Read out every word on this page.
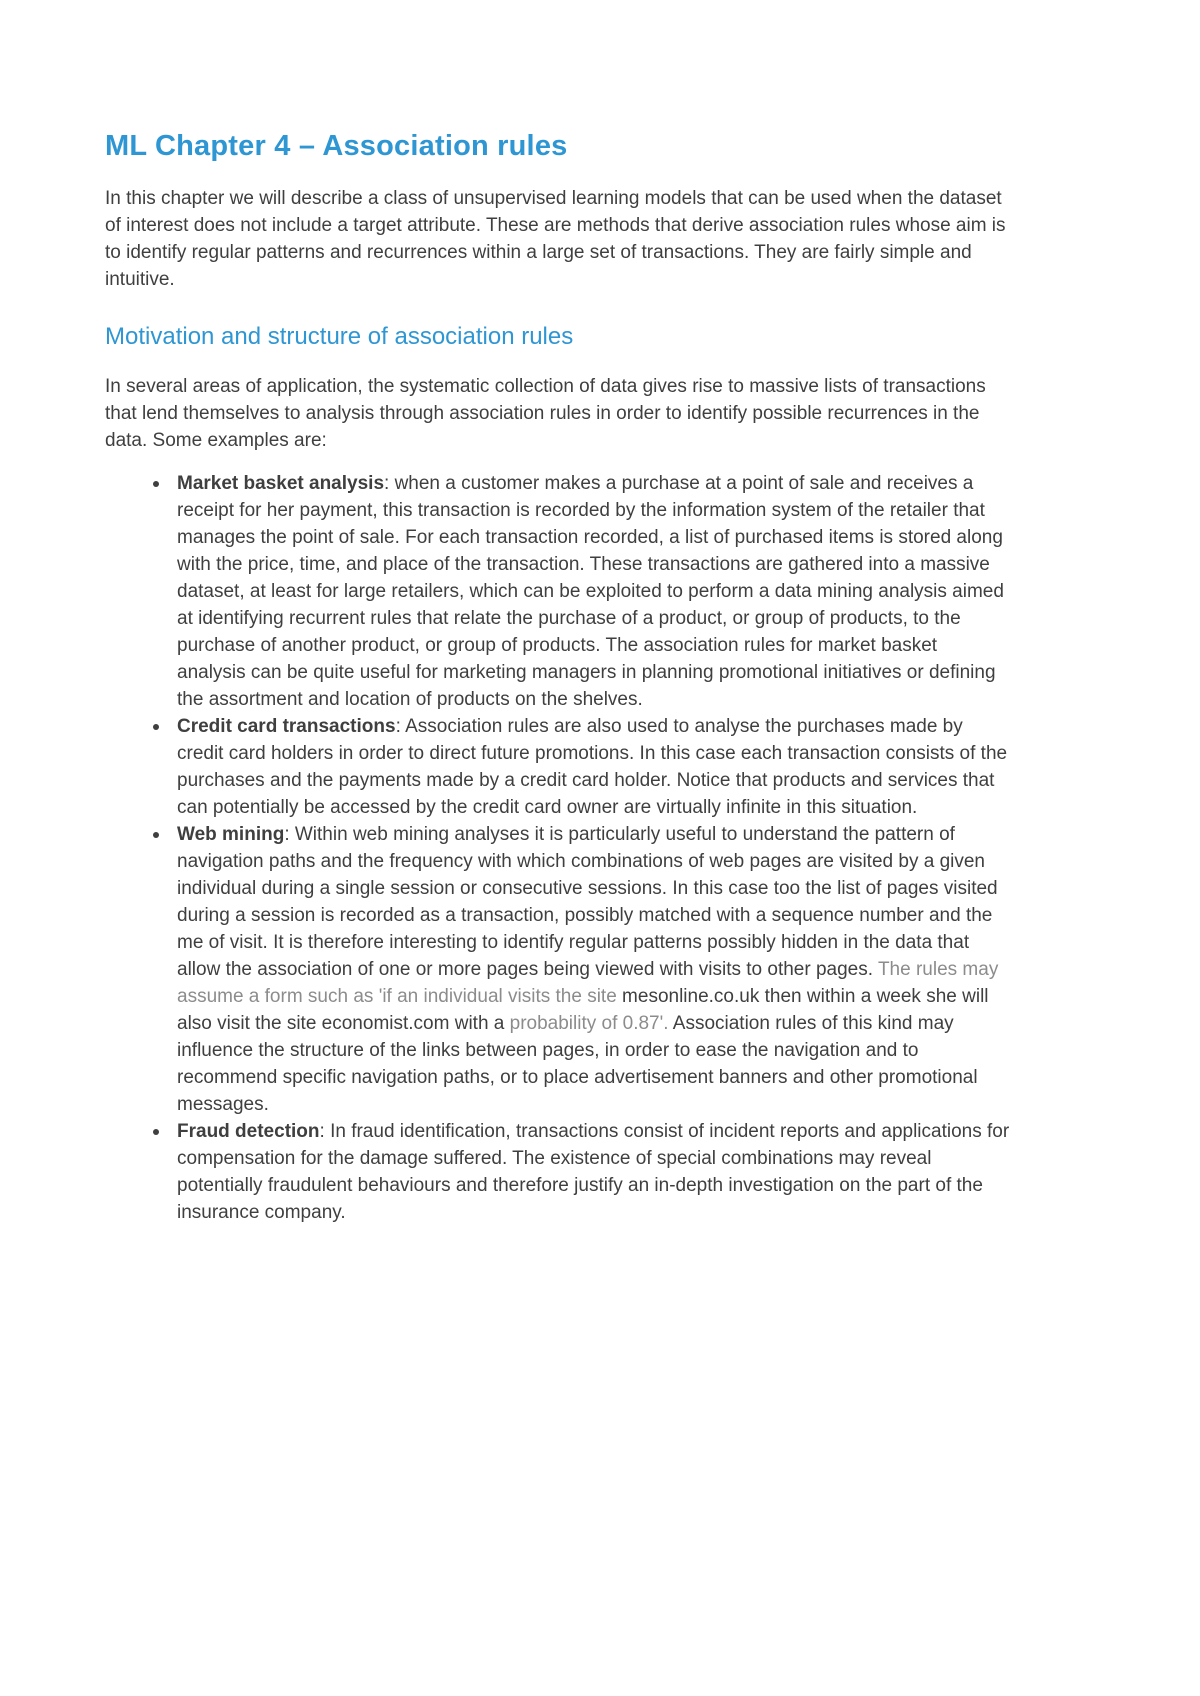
ML Chapter 4 – Association rules

In this chapter we will describe a class of unsupervised learning models that can be used when the dataset of interest does not include a target attribute. These are methods that derive association rules whose aim is to identify regular patterns and recurrences within a large set of transactions. They are fairly simple and intuitive.

Motivation and structure of association rules

In several areas of application, the systematic collection of data gives rise to massive lists of transactions that lend themselves to analysis through association rules in order to identify possible recurrences in the data. Some examples are:

Market basket analysis: when a customer makes a purchase at a point of sale and receives a receipt for her payment, this transaction is recorded by the information system of the retailer that manages the point of sale. For each transaction recorded, a list of purchased items is stored along with the price, time, and place of the transaction. These transactions are gathered into a massive dataset, at least for large retailers, which can be exploited to perform a data mining analysis aimed at identifying recurrent rules that relate the purchase of a product, or group of products, to the purchase of another product, or group of products. The association rules for market basket analysis can be quite useful for marketing managers in planning promotional initiatives or defining the assortment and location of products on the shelves.
Credit card transactions: Association rules are also used to analyse the purchases made by credit card holders in order to direct future promotions. In this case each transaction consists of the purchases and the payments made by a credit card holder. Notice that products and services that can potentially be accessed by the credit card owner are virtually infinite in this situation.
Web mining: Within web mining analyses it is particularly useful to understand the pattern of navigation paths and the frequency with which combinations of web pages are visited by a given individual during a single session or consecutive sessions. In this case too the list of pages visited during a session is recorded as a transaction, possibly matched with a sequence number and the me of visit. It is therefore interesting to identify regular patterns possibly hidden in the data that allow the association of one or more pages being viewed with visits to other pages. The rules may assume a form such as 'if an individual visits the site mesonline.co.uk then within a week she will also visit the site economist.com with a probability of 0.87'. Association rules of this kind may influence the structure of the links between pages, in order to ease the navigation and to recommend specific navigation paths, or to place advertisement banners and other promotional messages.
Fraud detection: In fraud identification, transactions consist of incident reports and applications for compensation for the damage suffered. The existence of special combinations may reveal potentially fraudulent behaviours and therefore justify an in-depth investigation on the part of the insurance company.
